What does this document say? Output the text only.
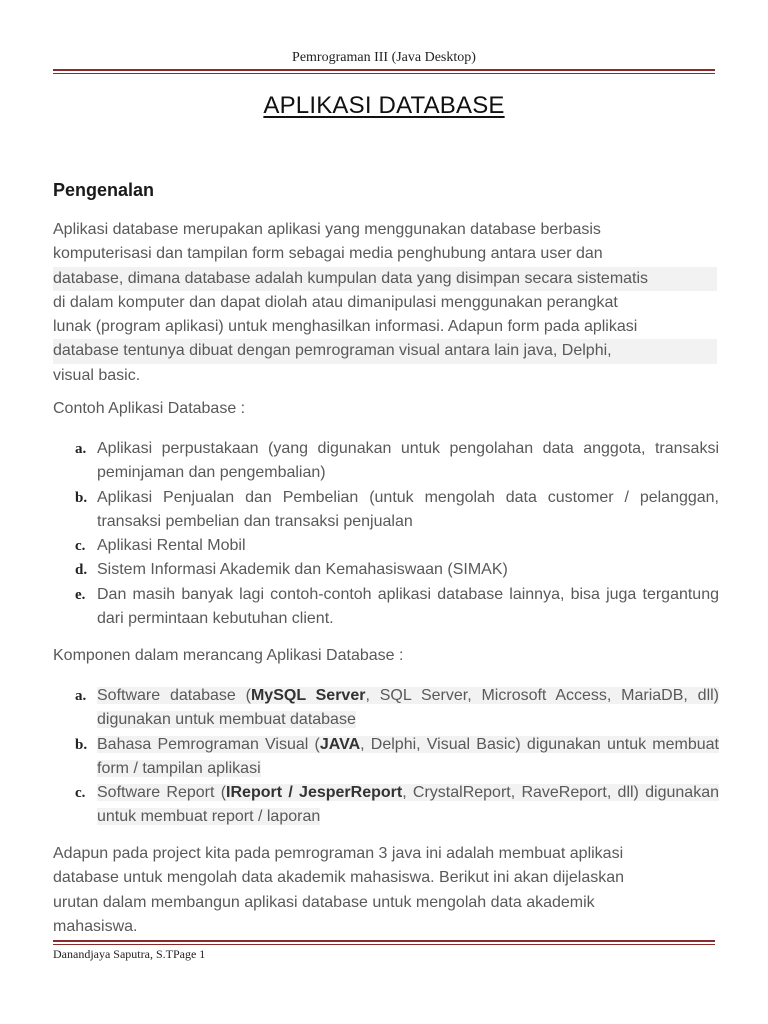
Pemrograman III (Java Desktop)
APLIKASI DATABASE
Pengenalan
Aplikasi database merupakan aplikasi yang menggunakan database berbasis
komputerisasi dan tampilan form sebagai media penghubung antara user dan
database, dimana database adalah kumpulan data yang disimpan secara sistematis
di dalam komputer dan dapat diolah atau dimanipulasi menggunakan perangkat
lunak (program aplikasi) untuk menghasilkan informasi. Adapun form pada aplikasi
database tentunya dibuat dengan pemrograman visual antara lain java, Delphi,
visual basic.
Contoh Aplikasi Database :
a. Aplikasi perpustakaan (yang digunakan untuk pengolahan data anggota, transaksi peminjaman dan pengembalian)
b. Aplikasi Penjualan dan Pembelian (untuk mengolah data customer / pelanggan, transaksi pembelian dan transaksi penjualan
c. Aplikasi Rental Mobil
d. Sistem Informasi Akademik dan Kemahasiswaan (SIMAK)
e. Dan masih banyak lagi contoh-contoh aplikasi database lainnya, bisa juga tergantung dari permintaan kebutuhan client.
Komponen dalam merancang Aplikasi Database :
a. Software database (MySQL Server, SQL Server, Microsoft Access, MariaDB, dll) digunakan untuk membuat database
b. Bahasa Pemrograman Visual (JAVA, Delphi, Visual Basic) digunakan untuk membuat form / tampilan aplikasi
c. Software Report (IReport / JesperReport, CrystalReport, RaveReport, dll) digunakan untuk membuat report / laporan
Adapun pada project kita pada pemrograman 3 java ini adalah membuat aplikasi
database untuk mengolah data akademik mahasiswa. Berikut ini akan dijelaskan
urutan dalam membangun aplikasi database untuk mengolah data akademik
mahasiswa.
Danandjaya Saputra, S.TPage 1
